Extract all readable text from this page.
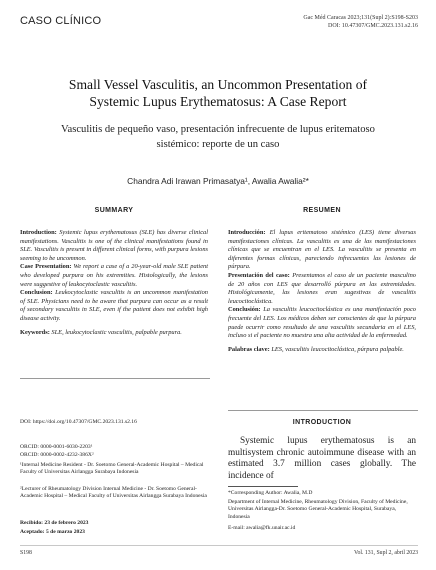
CASO CLÍNICO	Gac Méd Caracas 2023;131(Supl 2):S198-S203
DOI: 10.47307/GMC.2023.131.s2.16
Small Vessel Vasculitis, an Uncommon Presentation of
Systemic Lupus Erythematosus: A Case Report
Vasculitis de pequeño vaso, presentación infrecuente de lupus eritematoso
sistémico: reporte de un caso
Chandra Adi Irawan Primasatya¹, Awalia Awalia²*
SUMMARY
Introduction: Systemic lupus erythematosus (SLE) has diverse clinical manifestations. Vasculitis is one of the clinical manifestations found in SLE. Vasculitis is present in different clinical forms, with purpura lesions seeming to be uncommon.
Case Presentation: We report a case of a 20-year-old male SLE patient who developed purpura on his extremities. Histologically, the lesions were suggestive of leukocytoclastic vasculitis.
Conclusion: Leukocytoclastic vasculitis is an uncommon manifestation of SLE. Physicians need to be aware that purpura can occur as a result of secondary vasculitis in SLE, even if the patient does not exhibit high disease activity.
Keywords: SLE, leukocytoclastic vasculitis, palpable purpura.
RESUMEN
Introducción: El lupus eritematoso sistémico (LES) tiene diversas manifestaciones clínicas. La vasculitis es una de las manifestaciones clínicas que se encuentran en el LES. La vasculitis se presenta en diferentes formas clínicas, pareciendo infrecuentes las lesiones de púrpura.
Presentación del caso: Presentamos el caso de un paciente masculino de 20 años con LES que desarrolló púrpura en las extremidades. Histológicamente, las lesiones eran sugestivas de vasculitis leucocitoclástica.
Conclusión: La vasculitis leucocitoclástica es una manifestación poco frecuente del LES. Los médicos deben ser conscientes de que la púrpura puede ocurrir como resultado de una vasculitis secundaria en el LES, incluso si el paciente no muestra una alta actividad de la enfermedad.
Palabras clave: LES, vasculitis leucocitoclástica, púrpura palpable.
DOI: https://doi.org/10.47307/GMC.2023.131.s2.16
ORCID: 0000-0001-6030-2203¹
ORCID: 0000-0002-4232-386X²
¹Internal Medicine Resident - Dr. Soetomo General-Academic Hospital – Medical Faculty of Universitas Airlangga Surabaya Indonesia
²Lecturer of Rheumatology Division Internal Medicine - Dr. Soetomo General-Academic Hospital – Medical Faculty of Universitas Airlangga Surabaya Indonesia
Recibido: 23 de febrero 2023
Aceptado: 5 de marzo 2023
INTRODUCTION
Systemic lupus erythematosus is an multisystem chronic autoimmune disease with an estimated 3.7 million cases globally. The incidence of
*Corresponding Author: Awalia, M.D
Department of Internal Medicine, Rheumatology Division, Faculty of Medicine, Universitas Airlangga-Dr. Soetomo General-Academic Hospital, Surabaya, Indonesia
E-mail: awalia@fk.unair.ac.id
S198	Vol. 131, Supl 2, abril 2023
